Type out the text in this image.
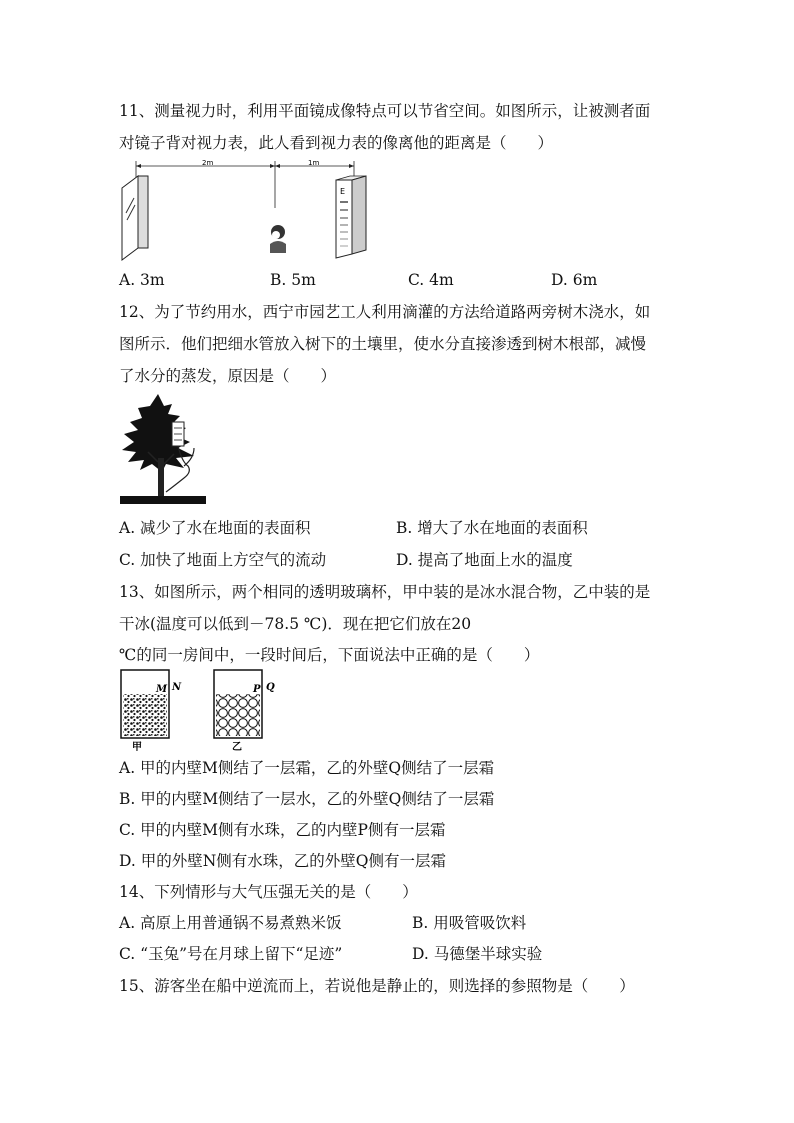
11、测量视力时，利用平面镜成像特点可以节省空间。如图所示，让被测者面
对镜子背对视力表，此人看到视力表的像离他的距离是（　　）
2m	1m
E
A. 3m	B. 5m	C. 4m	D. 6m
12、为了节约用水，西宁市园艺工人利用滴灌的方法给道路两旁树木浇水，如
图所示．他们把细水管放入树下的土壤里，使水分直接渗透到树木根部，减慢
了水分的蒸发，原因是（　　）
A. 减少了水在地面的表面积	B. 增大了水在地面的表面积
C. 加快了地面上方空气的流动	D. 提高了地面上水的温度
13、如图所示，两个相同的透明玻璃杯，甲中装的是冰水混合物，乙中装的是
干冰(温度可以低到－78.5 ℃)．现在把它们放在20
℃的同一房间中，一段时间后，下面说法中正确的是（　　）
M N
甲
P Q
乙
A. 甲的内壁M侧结了一层霜，乙的外壁Q侧结了一层霜
B. 甲的内壁M侧结了一层水，乙的外壁Q侧结了一层霜
C. 甲的内壁M侧有水珠，乙的内壁P侧有一层霜
D. 甲的外壁N侧有水珠，乙的外壁Q侧有一层霜
14、下列情形与大气压强无关的是（　　）
A. 高原上用普通锅不易煮熟米饭	B. 用吸管吸饮料
C. “玉兔”号在月球上留下“足迹”	D. 马德堡半球实验
15、游客坐在船中逆流而上，若说他是静止的，则选择的参照物是（　　）
